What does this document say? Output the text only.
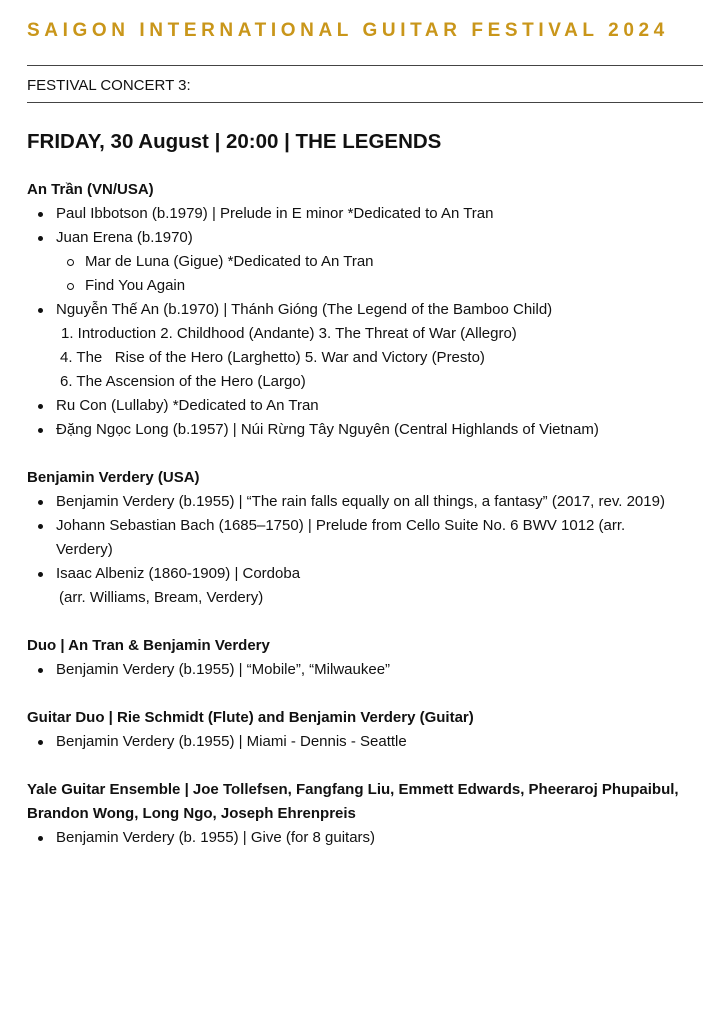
SAIGON INTERNATIONAL GUITAR FESTIVAL 2024
FESTIVAL CONCERT 3:
FRIDAY, 30 August | 20:00 | THE LEGENDS

An Trần (VN/USA)

Paul Ibbotson (b.1979) | Prelude in E minor *Dedicated to An Tran
Juan Erena (b.1970)
Mar de Luna (Gigue) *Dedicated to An Tran
Find You Again
Nguyễn Thế An (b.1970) | Thánh Gióng (The Legend of the Bamboo Child)
1. Introduction 2. Childhood (Andante) 3. The Threat of War (Allegro)
4. The   Rise of the Hero (Larghetto) 5. War and Victory (Presto)
6. The Ascension of the Hero (Largo)
Ru Con (Lullaby) *Dedicated to An Tran
Đặng Ngọc Long (b.1957) | Núi Rừng Tây Nguyên (Central Highlands of Vietnam)

Benjamin Verdery (USA)

Benjamin Verdery (b.1955) | “The rain falls equally on all things, a fantasy” (2017, rev. 2019)
Johann Sebastian Bach (1685–1750) | Prelude from Cello Suite No. 6 BWV 1012 (arr. Verdery)
Isaac Albeniz (1860-1909) | Cordoba
(arr. Williams, Bream, Verdery)

Duo | An Tran & Benjamin Verdery

Benjamin Verdery (b.1955) | “Mobile”, “Milwaukee”

Guitar Duo | Rie Schmidt (Flute) and Benjamin Verdery (Guitar)

Benjamin Verdery (b.1955) | Miami - Dennis - Seattle

Yale Guitar Ensemble | Joe Tollefsen, Fangfang Liu, Emmett Edwards, Pheeraroj Phupaibul, Brandon Wong, Long Ngo, Joseph Ehrenpreis

Benjamin Verdery (b. 1955) | Give (for 8 guitars)
